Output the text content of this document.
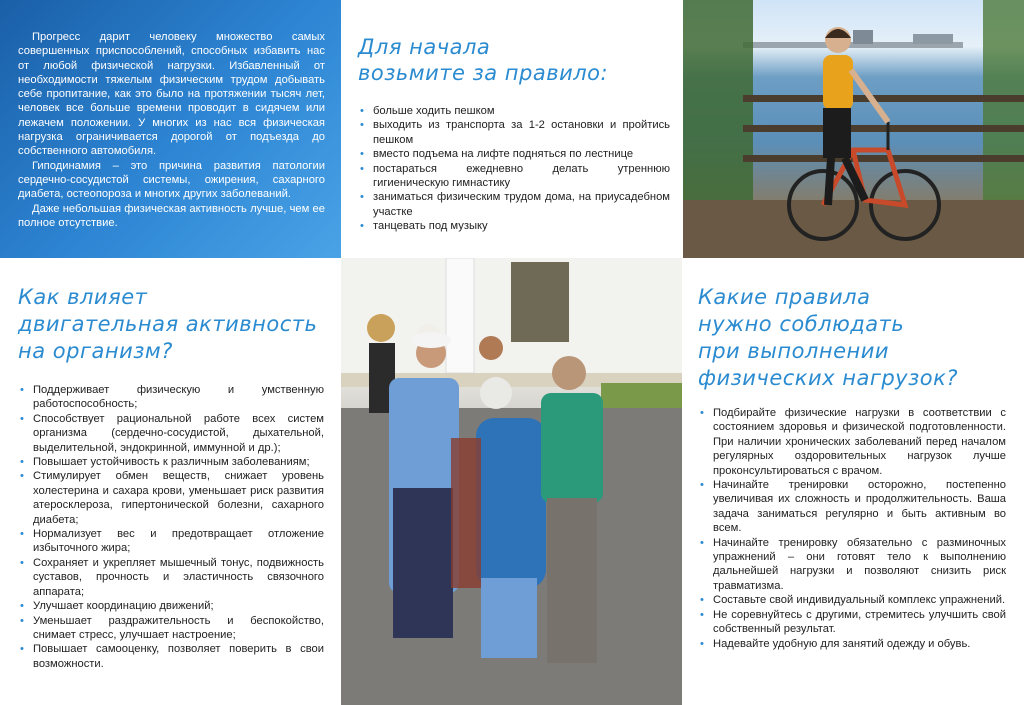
Прогресс дарит человеку множество самых совершенных приспособлений, способных избавить нас от любой физической нагрузки. Избавленный от необходимости тяжелым физическим трудом добывать себе пропитание, как это было на протяжении тысяч лет, человек все больше времени проводит в сидячем или лежачем положении. У многих из нас вся физическая нагрузка ограничивается дорогой от подъезда до собственного автомобиля.

Гиподинамия – это причина развития патологии сердечно-сосудистой системы, ожирения, сахарного диабета, остеопороза и многих других заболеваний.

Даже небольшая физическая активность лучше, чем ее полное отсутствие.

Для начала
возьмите за правило:
• больше ходить пешком
• выходить из транспорта за 1-2 остановки и пройтись пешком
• вместо подъема на лифте подняться по лестнице
• постараться ежедневно делать утреннюю гигиеническую гимнастику
• заниматься физическим трудом дома, на приусадебном участке
• танцевать под музыку
Как влияет

двигательная активность
на организм?
• Поддерживает физическую и умственную работоспособность;
• Способствует рациональной работе всех систем организма (сердечно-сосудистой, дыхательной, выделительной, эндокринной, иммунной и др.);
• Повышает устойчивость к различным заболеваниям;
• Стимулирует обмен веществ, снижает уровень холестерина и сахара крови, уменьшает риск развития атеросклероза, гипертонической болезни, сахарного диабета;
• Нормализует вес и предотвращает отложение избыточного жира;
• Сохраняет и укрепляет мышечный тонус, подвижность суставов, прочность и эластичность связочного аппарата;
• Улучшает координацию движений;
• Уменьшает раздражительность и беспокойство, снимает стресс, улучшает настроение;
• Повышает самооценку, позволяет поверить в свои возможности.
Какие правила
нужно соблюдать
при выполнении
физических нагрузок?
• Подбирайте физические нагрузки в соответствии с состоянием здоровья и физической подготовленности. При наличии хронических заболеваний перед началом регулярных оздоровительных нагрузок лучше проконсультироваться с врачом.
• Начинайте тренировки осторожно, постепенно увеличивая их сложность и продолжительность. Ваша задача заниматься регулярно и быть активным во всем.
• Начинайте тренировку обязательно с разминочных упражнений – они готовят тело к выполнению дальнейшей нагрузки и позволяют снизить риск травматизма.
• Составьте свой индивидуальный комплекс упражнений.
• Не соревнуйтесь с другими, стремитесь улучшить свой собственный результат.
• Надевайте удобную для занятий одежду и обувь.
